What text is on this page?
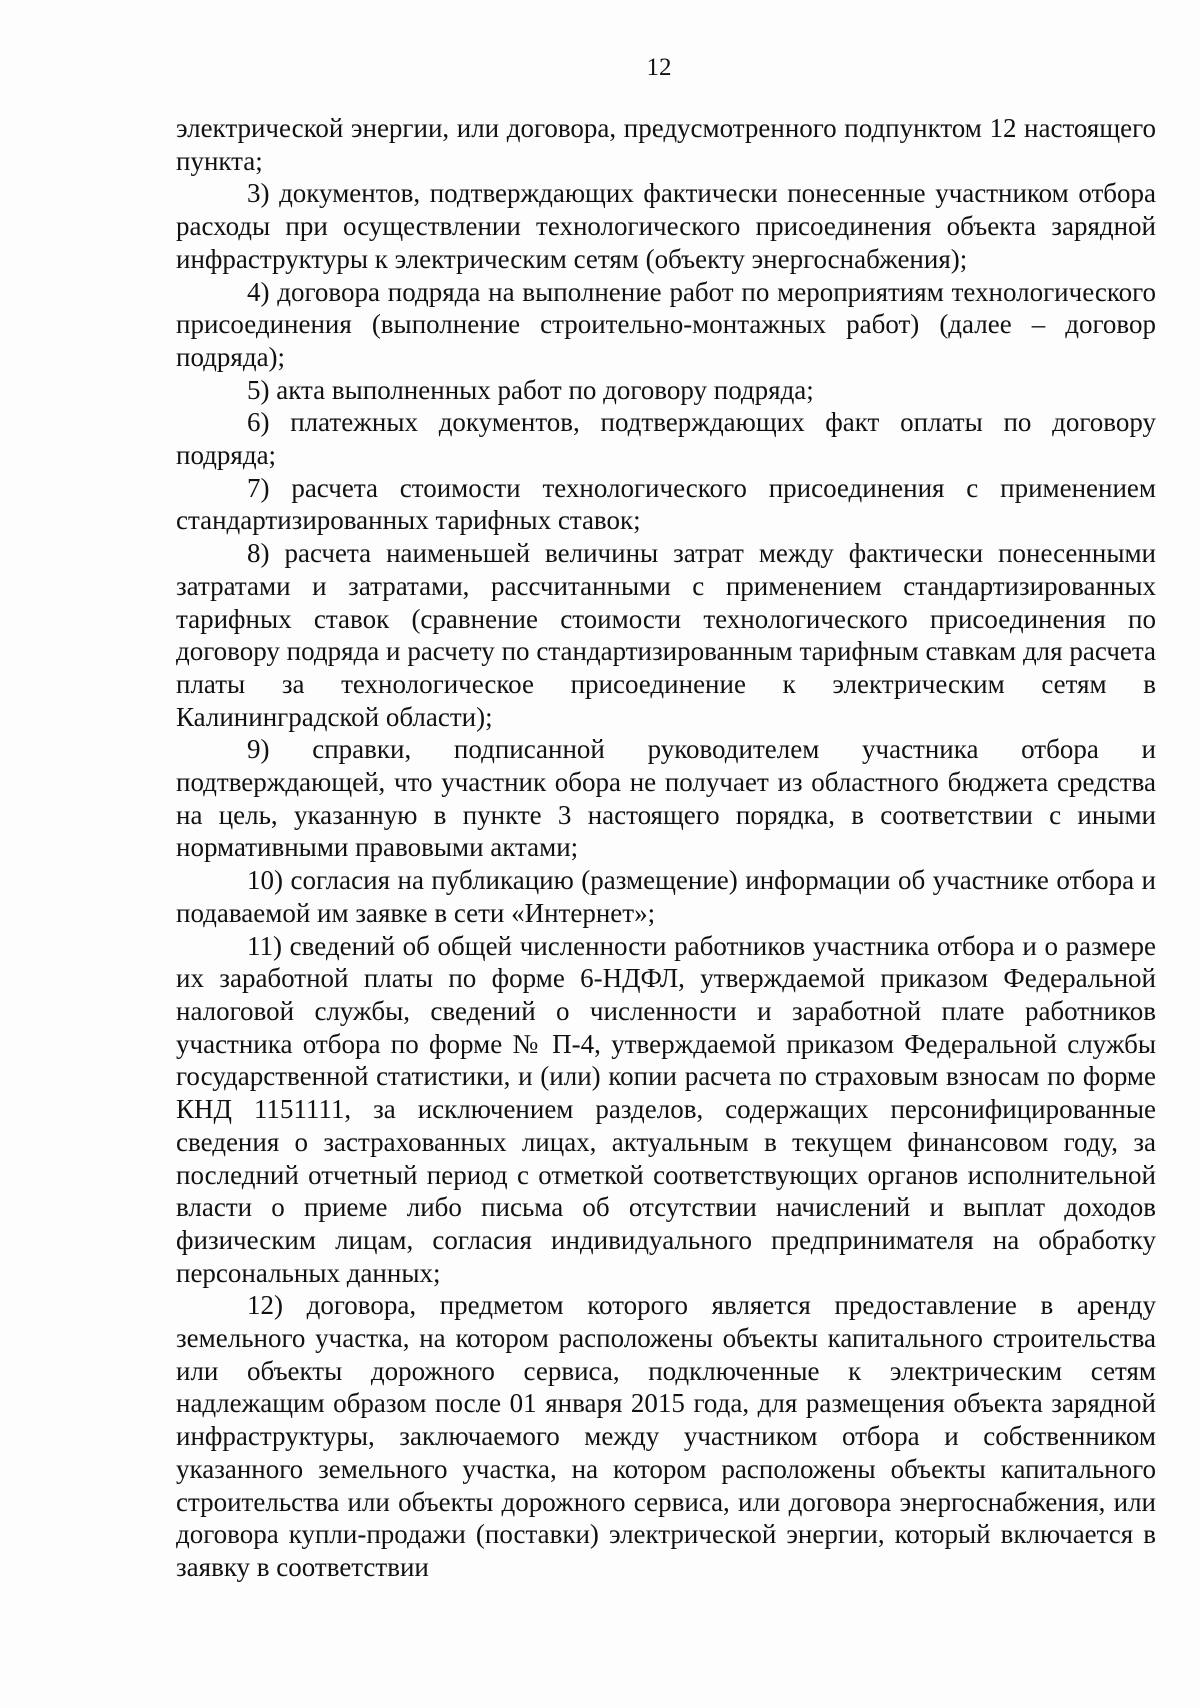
12

электрической энергии, или договора, предусмотренного подпунктом 12 настоящего пункта;

3) документов, подтверждающих фактически понесенные участником отбора расходы при осуществлении технологического присоединения объекта зарядной инфраструктуры к электрическим сетям (объекту энергоснабжения);

4) договора подряда на выполнение работ по мероприятиям технологического присоединения (выполнение строительно-монтажных работ) (далее – договор подряда);

5) акта выполненных работ по договору подряда;

6) платежных документов, подтверждающих факт оплаты по договору подряда;

7) расчета стоимости технологического присоединения с применением стандартизированных тарифных ставок;

8) расчета наименьшей величины затрат между фактически понесенными затратами и затратами, рассчитанными с применением стандартизированных тарифных ставок (сравнение стоимости технологического присоединения по договору подряда и расчету по стандартизированным тарифным ставкам для расчета платы за технологическое присоединение к электрическим сетям в Калининградской области);

9) справки, подписанной руководителем участника отбора и подтверждающей, что участник обора не получает из областного бюджета средства на цель, указанную в пункте 3 настоящего порядка, в соответствии с иными нормативными правовыми актами;

10) согласия на публикацию (размещение) информации об участнике отбора и подаваемой им заявке в сети «Интернет»;

11) сведений об общей численности работников участника отбора и о размере их заработной платы по форме 6-НДФЛ, утверждаемой приказом Федеральной налоговой службы, сведений о численности и заработной плате работников участника отбора по форме № П-4, утверждаемой приказом Федеральной службы государственной статистики, и (или) копии расчета по страховым взносам по форме КНД 1151111, за исключением разделов, содержащих персонифицированные сведения о застрахованных лицах, актуальным в текущем финансовом году, за последний отчетный период с отметкой соответствующих органов исполнительной власти о приеме либо письма об отсутствии начислений и выплат доходов физическим лицам, согласия индивидуального предпринимателя на обработку персональных данных;

12) договора, предметом которого является предоставление в аренду земельного участка, на котором расположены объекты капитального строительства или объекты дорожного сервиса, подключенные к электрическим сетям надлежащим образом после 01 января 2015 года, для размещения объекта зарядной инфраструктуры, заключаемого между участником отбора и собственником указанного земельного участка, на котором расположены объекты капитального строительства или объекты дорожного сервиса, или договора энергоснабжения, или договора купли-продажи (поставки) электрической энергии, который включается в заявку в соответствии
